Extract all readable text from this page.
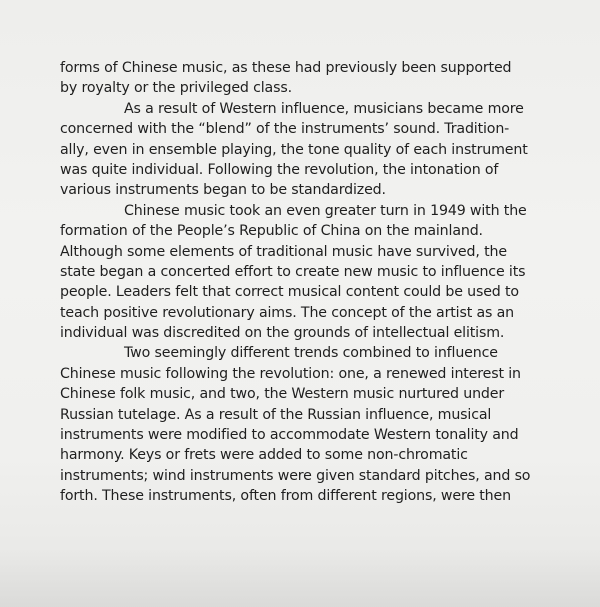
forms of Chinese music, as these had previously been supported
by royalty or the privileged class.
As a result of Western influence, musicians became more
concerned with the “blend” of the instruments’ sound. Tradition-
ally, even in ensemble playing, the tone quality of each instrument
was quite individual. Following the revolution, the intonation of
various instruments began to be standardized.
Chinese music took an even greater turn in 1949 with the
formation of the People’s Republic of China on the mainland.
Although some elements of traditional music have survived, the
state began a concerted effort to create new music to influence its
people. Leaders felt that correct musical content could be used to
teach positive revolutionary aims. The concept of the artist as an
individual was discredited on the grounds of intellectual elitism.
Two seemingly different trends combined to influence
Chinese music following the revolution: one, a renewed interest in
Chinese folk music, and two, the Western music nurtured under
Russian tutelage. As a result of the Russian influence, musical
instruments were modified to accommodate Western tonality and
harmony. Keys or frets were added to some non-chromatic
instruments; wind instruments were given standard pitches, and so
forth. These instruments, often from different regions, were then
